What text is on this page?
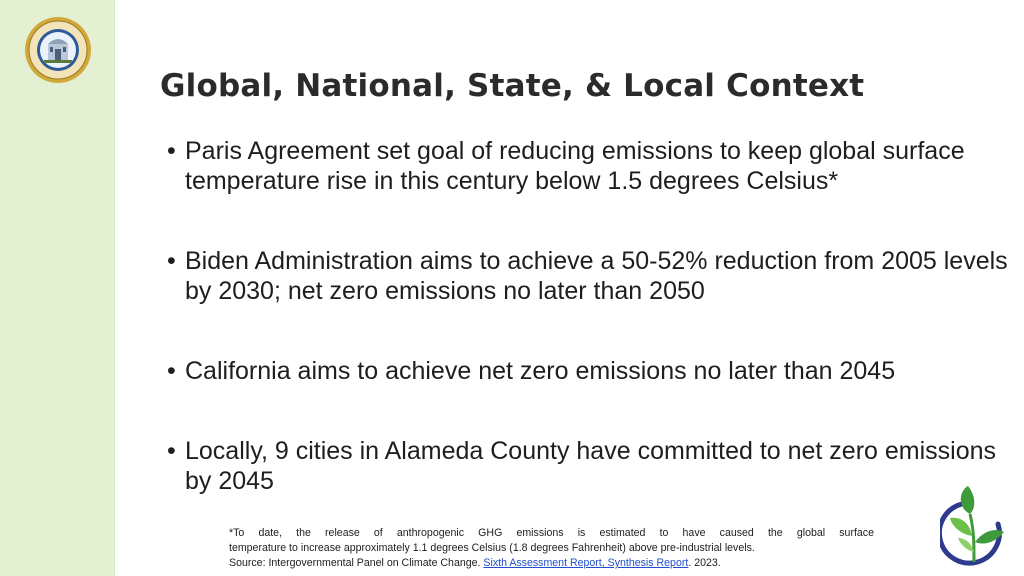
Global, National, State, & Local Context
• Paris Agreement set goal of reducing emissions to keep global surface temperature rise in this century below 1.5 degrees Celsius*
• Biden Administration aims to achieve a 50-52% reduction from 2005 levels by 2030; net zero emissions no later than 2050
• California aims to achieve net zero emissions no later than 2045
• Locally, 9 cities in Alameda County have committed to net zero emissions by 2045
*To date, the release of anthropogenic GHG emissions is estimated to have caused the global surface
temperature to increase approximately 1.1 degrees Celsius (1.8 degrees Fahrenheit) above pre-industrial levels.
Source: Intergovernmental Panel on Climate Change. Sixth Assessment Report, Synthesis Report. 2023.
